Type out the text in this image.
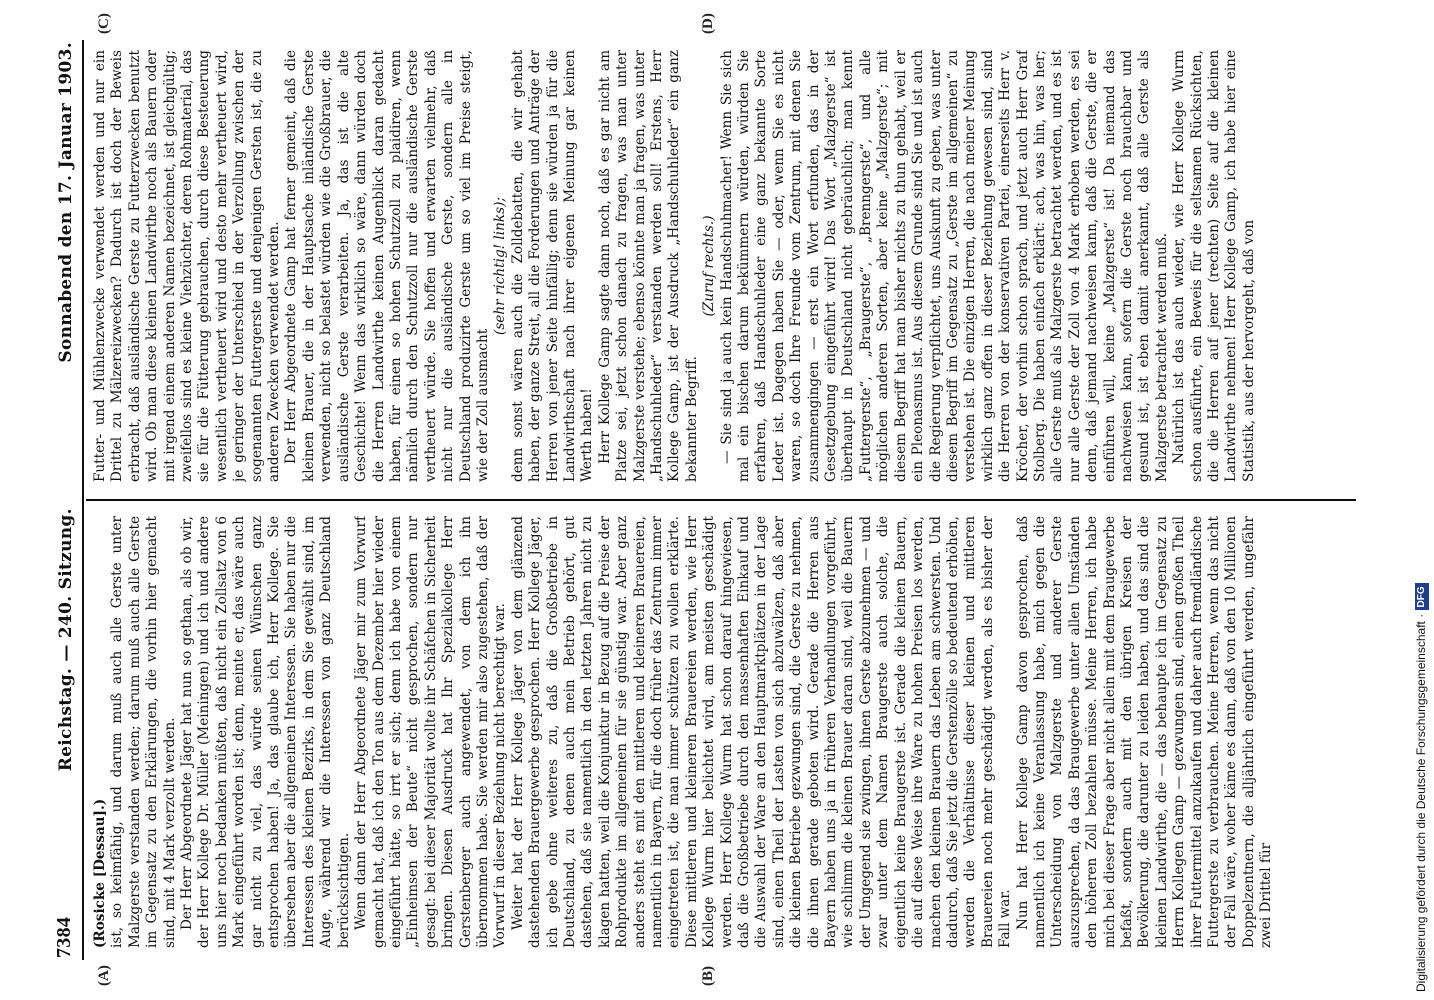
7384
Reichstag. — 240. Sitzung.
Sonnabend den 17. Januar 1903.
(A)	(B)
(C)	(D)

(Rosicke [Dessau].) ist, so keimfähig, und darum muß auch alle Gerste unter Malzgerste verstanden werden; darum muß auch alle Gerste im Gegensatz zu den Erklärungen, die vorhin hier gemacht sind, mit 4 Mark verzollt werden. Der Herr Abgeordnete Jäger hat nun so gethan, als ob wir, der Herr Kollege Dr. Müller (Meiningen) und ich und andere uns hier noch bedanken müßten, daß nicht ein Zollsatz von 6 Mark eingeführt worden ist; denn, meinte er, das wäre auch gar nicht zu viel, das würde seinen Wünschen ganz entsprochen haben! Ja, das glaube ich, Herr Kollege. Sie übersehen aber die allgemeinen Interessen. Sie haben nur die Interessen des kleinen Bezirks, in dem Sie gewählt sind, im Auge, während wir die Interessen von ganz Deutschland berücksichtigen. Wenn dann der Herr Abgeordnete Jäger mir zum Vorwurf gemacht hat, daß ich den Ton aus dem Dezember hier wieder eingeführt hätte, so irrt er sich; denn ich habe von einem „Einheimsen der Beute“ nicht gesprochen, sondern nur gesagt: bei dieser Majorität wollte ihr Schäfchen in Sicherheit bringen. Diesen Ausdruck hat Ihr Spezialkollege Herr Gerstenberger auch angewendet, von dem ich ihn übernommen habe. Sie werden mir also zugestehen, daß der Vorwurf in dieser Beziehung nicht berechtigt war. Weiter hat der Herr Kollege Jäger von dem glänzend dastehenden Brauergewerbe gesprochen. Herr Kollege Jäger, ich gebe ohne weiteres zu, daß die Großbetriebe in Deutschland, zu denen auch mein Betrieb gehört, gut dastehen, daß sie namentlich in den letzten Jahren nicht zu klagen hatten, weil die Konjunktur in Bezug auf die Preise der Rohprodukte im allgemeinen für sie günstig war. Aber ganz anders steht es mit den mittleren und kleineren Brauereien, namentlich in Bayern, für die doch früher das Zentrum immer eingetreten ist, die man immer schützen zu wollen erklärte. Diese mittleren und kleineren Brauereien werden, wie Herr Kollege Wurm hier belichtet wird, am meisten geschädigt werden. Herr Kollege Wurm hat schon darauf hingewiesen, daß die Großbetriebe durch den massenhaften Einkauf und die Auswahl der Ware an den Hauptmarktplätzen in der Lage sind, einen Theil der Lasten von sich abzuwälzen, daß aber die kleinen Betriebe gezwungen sind, die Gerste zu nehmen, die ihnen gerade geboten wird. Gerade die Herren aus Bayern haben uns ja in früheren Verhandlungen vorgeführt, wie schlimm die kleinen Brauer daran sind, weil die Bauern der Umgegend sie zwingen, ihnen Gerste abzunehmen — und zwar unter dem Namen Braugerste auch solche, die eigentlich keine Braugerste ist. Gerade die kleinen Bauern, die auf diese Weise ihre Ware zu hohen Preisen los werden, machen den kleinen Brauern das Leben am schwersten. Und dadurch, daß Sie jetzt die Gerstenzölle so bedeutend erhöhen, werden die Verhältnisse dieser kleinen und mittleren Brauereien noch mehr geschädigt werden, als es bisher der Fall war. Nun hat Herr Kollege Gamp davon gesprochen, daß namentlich ich keine Veranlassung habe, mich gegen die Unterscheidung von Malzgerste und anderer Gerste auszusprechen, da das Braugewerbe unter allen Umständen den höheren Zoll bezahlen müsse. Meine Herren, ich habe mich bei dieser Frage aber nicht allein mit dem Braugewerbe befaßt, sondern auch mit den übrigen Kreisen der Bevölkerung, die darunter zu leiden haben, und das sind die kleinen Landwirthe, die — das behaupte ich im Gegensatz zu Herrn Kollegen Gamp — gezwungen sind, einen großen Theil ihrer Futtermittel anzukaufen und daher auch fremdländische Futtergerste zu verbrauchen. Meine Herren, wenn das nicht der Fall wäre, woher käme es dann, daß von den 10 Millionen Doppelzentnern, die alljährlich eingeführt werden, ungefähr zwei Drittel für

Futter- und Mühlenzwecke verwendet werden und nur ein Drittel zu Mälzereizwecken? Dadurch ist doch der Beweis erbracht, daß ausländische Gerste zu Futterzwecken benutzt wird. Ob man diese kleinen Landwirthe noch als Bauern oder mit irgend einem anderen Namen bezeichnet, ist gleichgültig; zweifellos sind es kleine Viehzüchter, deren Rohmaterial, das sie für die Fütterung gebrauchen, durch diese Besteuerung wesentlich vertheuert wird und desto mehr vertheuert wird, je geringer der Unterschied in der Verzollung zwischen der sogenannten Futtergerste und denjenigen Gersten ist, die zu anderen Zwecken verwendet werden. Der Herr Abgeordnete Gamp hat ferner gemeint, daß die kleinen Brauer, die in der Hauptsache inländische Gerste verwenden, nicht so belastet würden wie die Großbrauer, die ausländische Gerste verarbeiten. Ja, das ist die alte Geschichte! Wenn das wirklich so wäre, dann würden doch die Herren Landwirthe keinen Augenblick daran gedacht haben, für einen so hohen Schutzzoll zu plaidiren, wenn nämlich durch den Schutzzoll nur die ausländische Gerste vertheuert würde. Sie hoffen und erwarten vielmehr, daß nicht nur die ausländische Gerste, sondern alle in Deutschland produzirte Gerste um so viel im Preise steigt, wie der Zoll ausmacht

(sehr richtig! links); denn sonst wären auch die Zolldebatten, die wir gehabt haben, der ganze Streit, all die Forderungen und Anträge der Herren von jener Seite hinfällig; denn sie würden ja für die Landwirthschaft nach ihrer eigenen Meinung gar keinen Werth haben! Herr Kollege Gamp sagte dann noch, daß es gar nicht am Platze sei, jetzt schon danach zu fragen, was man unter Malzgerste verstehe; ebenso könnte man ja fragen, was unter „Handschuhleder“ verstanden werden soll! Erstens, Herr Kollege Gamp, ist der Ausdruck „Handschuhleder“ ein ganz bekannter Begriff.

(Zuruf rechts.) — Sie sind ja auch kein Handschuhmacher! Wenn Sie sich mal ein bischen darum bekümmern würden, würden Sie erfahren, daß Handschuhleder eine ganz bekannte Sorte Leder ist. Dagegen haben Sie — oder, wenn Sie es nicht waren, so doch Ihre Freunde vom Zentrum, mit denen Sie zusammengingen — erst ein Wort erfunden, das in der Gesetzgebung eingeführt wird! Das Wort „Malzgerste“ ist überhaupt in Deutschland nicht gebräuchlich; man kennt „Futtergerste“, „Braugerste“, „Brenngerste“, und alle möglichen anderen Sorten, aber keine „Malzgerste“; mit diesem Begriff hat man bisher nichts zu thun gehabt, weil er ein Pleonasmus ist. Aus diesem Grunde sind Sie und ist auch die Regierung verpflichtet, uns Auskunft zu geben, was unter diesem Begriff im Gegensatz zu „Gerste im allgemeinen“ zu verstehen ist. Die einzigen Herren, die nach meiner Meinung wirklich ganz offen in dieser Beziehung gewesen sind, sind die Herren von der konservativen Partei, einerseits Herr v. Kröcher, der vorhin schon sprach, und jetzt auch Herr Graf Stolberg. Die haben einfach erklärt: ach, was hin, was her; alle Gerste muß als Malzgerste betrachtet werden, und es ist nur alle Gerste der Zoll von 4 Mark erhoben werden, es sei denn, daß jemand nachweisen kann, daß die Gerste, die er einführen will, keine „Malzgerste“ ist! Da niemand das nachweisen kann, sofern die Gerste noch brauchbar und gesund ist, ist eben damit anerkannt, daß alle Gerste als Malzgerste betrachtet werden muß. Natürlich ist das auch wieder, wie Herr Kollege Wurm schon ausführte, ein Beweis für die seltsamen Rücksichten, die die Herren auf jener (rechten) Seite auf die kleinen Landwirthe nehmen! Herr Kollege Gamp, ich habe hier eine Statistik, aus der hervorgeht, daß von

Digitalisierung gefördert durch die Deutsche Forschungsgemeinschaft · DFG
